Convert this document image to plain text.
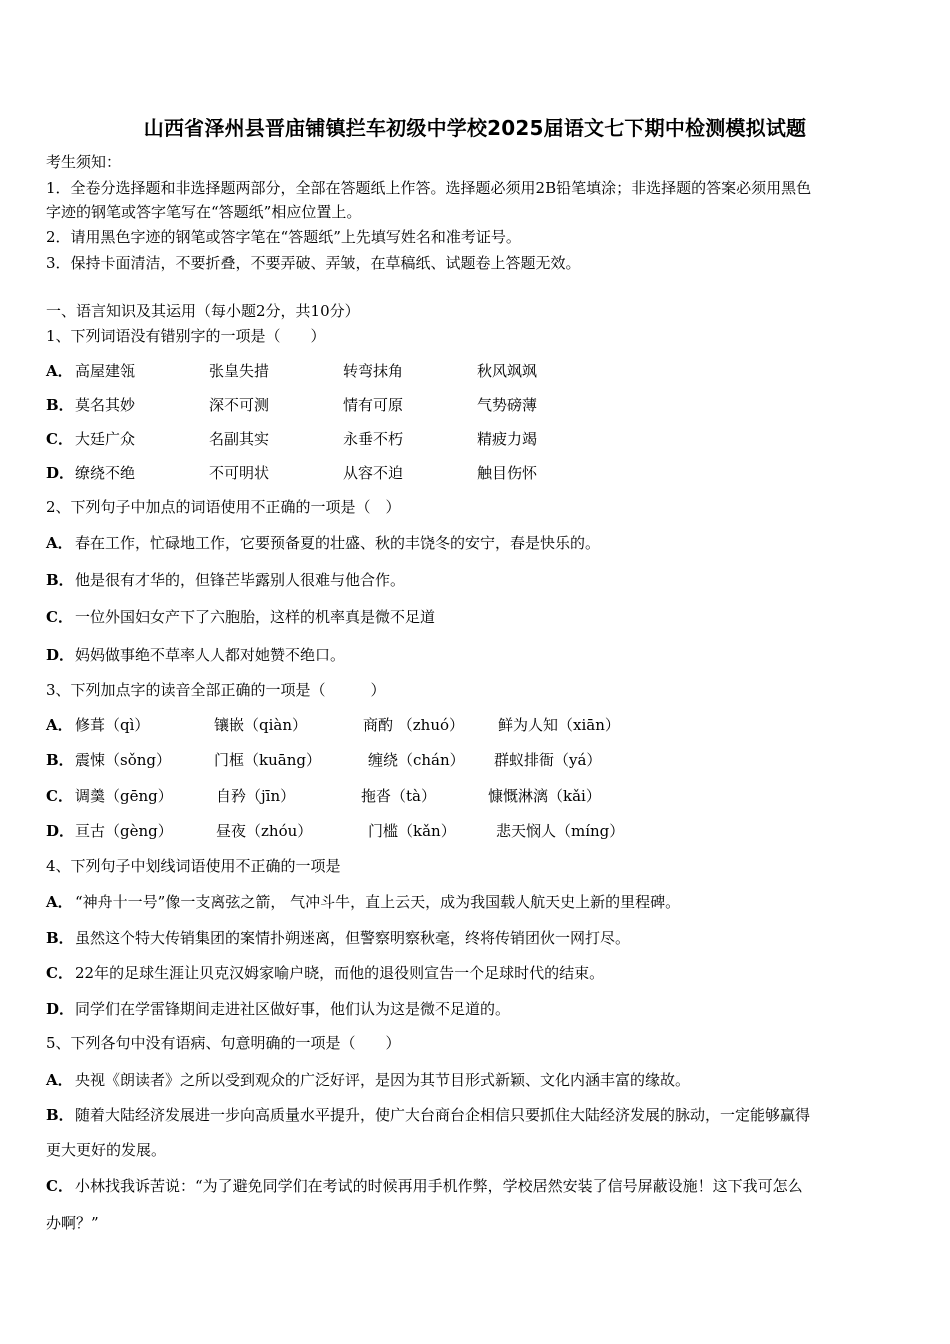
山西省泽州县晋庙铺镇拦车初级中学校2025届语文七下期中检测模拟试题
考生须知：
1．全卷分选择题和非选择题两部分，全部在答题纸上作答。选择题必须用2B铅笔填涂；非选择题的答案必须用黑色
字迹的钢笔或答字笔写在“答题纸”相应位置上。
2．请用黑色字迹的钢笔或答字笔在“答题纸”上先填写姓名和准考证号。
3．保持卡面清洁，不要折叠，不要弄破、弄皱，在草稿纸、试题卷上答题无效。
一、语言知识及其运用（每小题2分，共10分）
1、下列词语没有错别字的一项是（　　）
A． 高屋建瓴	张皇失措	转弯抹角	秋风飒飒
B． 莫名其妙	深不可测	情有可原	气势磅薄
C． 大廷广众	名副其实	永垂不朽	精疲力竭
D． 缭绕不绝	不可明状	从容不迫	触目伤怀
2、下列句子中加点的词语使用不正确的一项是（　）
A． 春在工作，忙碌地工作，它要预备夏的壮盛、秋的丰饶冬的安宁，春是快乐的。
B． 他是很有才华的，但锋芒毕露别人很难与他合作。
C． 一位外国妇女产下了六胞胎，这样的机率真是微不足道
D． 妈妈做事绝不草率人人都对她赞不绝口。
3、下列加点字的读音全部正确的一项是（　　　）
A． 修葺（qì）	镶嵌（qiàn）	商酌 （zhuó） 鲜为人知（xiān）
B． 震悚（sǒng）	门框（kuāng）	缠绕（chán） 群蚁排衙（yá）
C． 调羹（gēng）	自矜（jīn）	拖沓（tà）	慷慨淋漓（kǎi）
D． 亘古（gèng）	昼夜（zhóu）	门槛（kǎn）	悲天悯人（míng）
4、下列句子中划线词语使用不正确的一项是
A． “神舟十一号”像一支离弦之箭， 气冲斗牛，直上云天，成为我国载人航天史上新的里程碑。
B． 虽然这个特大传销集团的案情扑朔迷离，但警察明察秋毫，终将传销团伙一网打尽。
C． 22年的足球生涯让贝克汉姆家喻户晓，而他的退役则宣告一个足球时代的结束。
D． 同学们在学雷锋期间走进社区做好事，他们认为这是微不足道的。
5、下列各句中没有语病、句意明确的一项是（　　）
A． 央视《朗读者》之所以受到观众的广泛好评，是因为其节目形式新颖、文化内涵丰富的缘故。
B． 随着大陆经济发展进一步向高质量水平提升，使广大台商台企相信只要抓住大陆经济发展的脉动，一定能够赢得
更大更好的发展。
C． 小林找我诉苦说：“为了避免同学们在考试的时候再用手机作弊，学校居然安装了信号屏蔽设施！这下我可怎么
办啊？”
